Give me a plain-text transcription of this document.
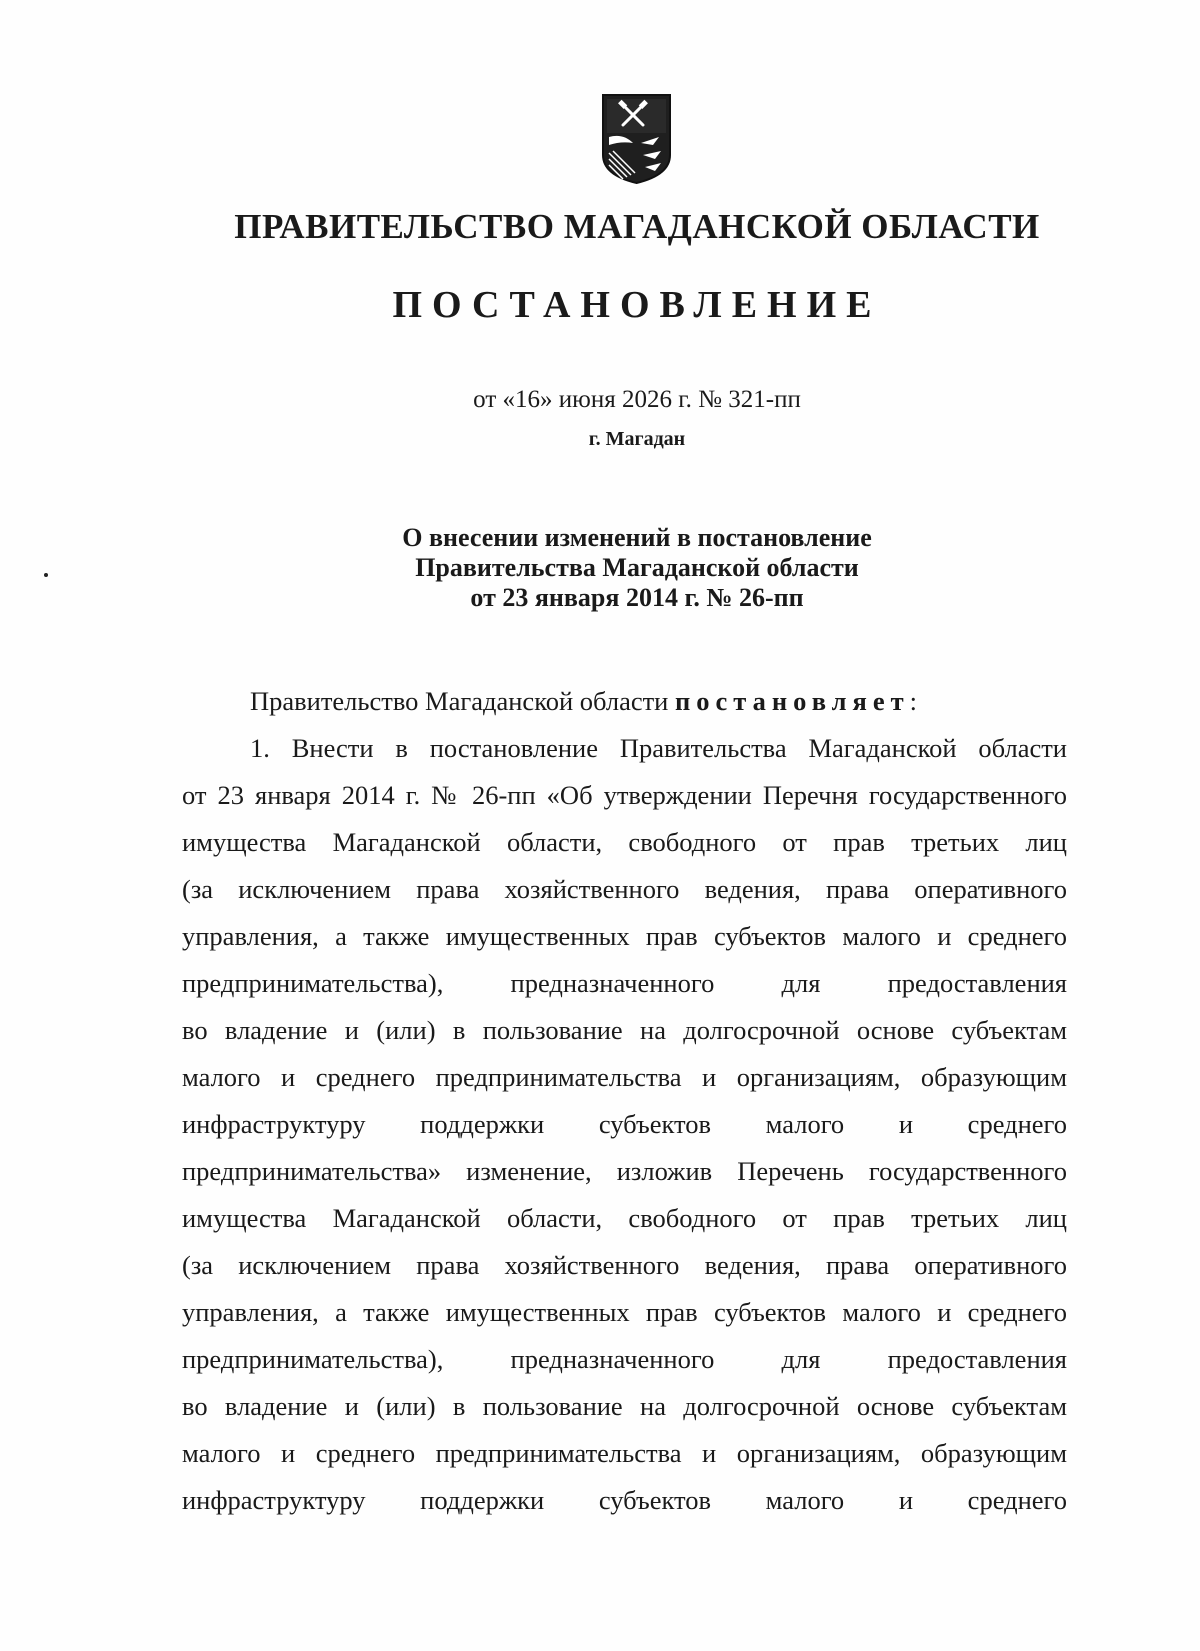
ПРАВИТЕЛЬСТВО МАГАДАНСКОЙ ОБЛАСТИ
ПОСТАНОВЛЕНИЕ
от «16» июня 2026 г. № 321-пп
г. Магадан
О внесении изменений в постановление
Правительства Магаданской области
от 23 января 2014 г. № 26-пп
Правительство Магаданской области постановляет:
1. Внести в постановление Правительства Магаданской области
от 23 января 2014 г. № 26-пп «Об утверждении Перечня государственного
имущества Магаданской области, свободного от прав третьих лиц
(за исключением права хозяйственного ведения, права оперативного
управления, а также имущественных прав субъектов малого и среднего
предпринимательства), предназначенного для предоставления
во владение и (или) в пользование на долгосрочной основе субъектам
малого и среднего предпринимательства и организациям, образующим
инфраструктуру поддержки субъектов малого и среднего
предпринимательства» изменение, изложив Перечень государственного
имущества Магаданской области, свободного от прав третьих лиц
(за исключением права хозяйственного ведения, права оперативного
управления, а также имущественных прав субъектов малого и среднего
предпринимательства), предназначенного для предоставления
во владение и (или) в пользование на долгосрочной основе субъектам
малого и среднего предпринимательства и организациям, образующим
инфраструктуру поддержки субъектов малого и среднего
